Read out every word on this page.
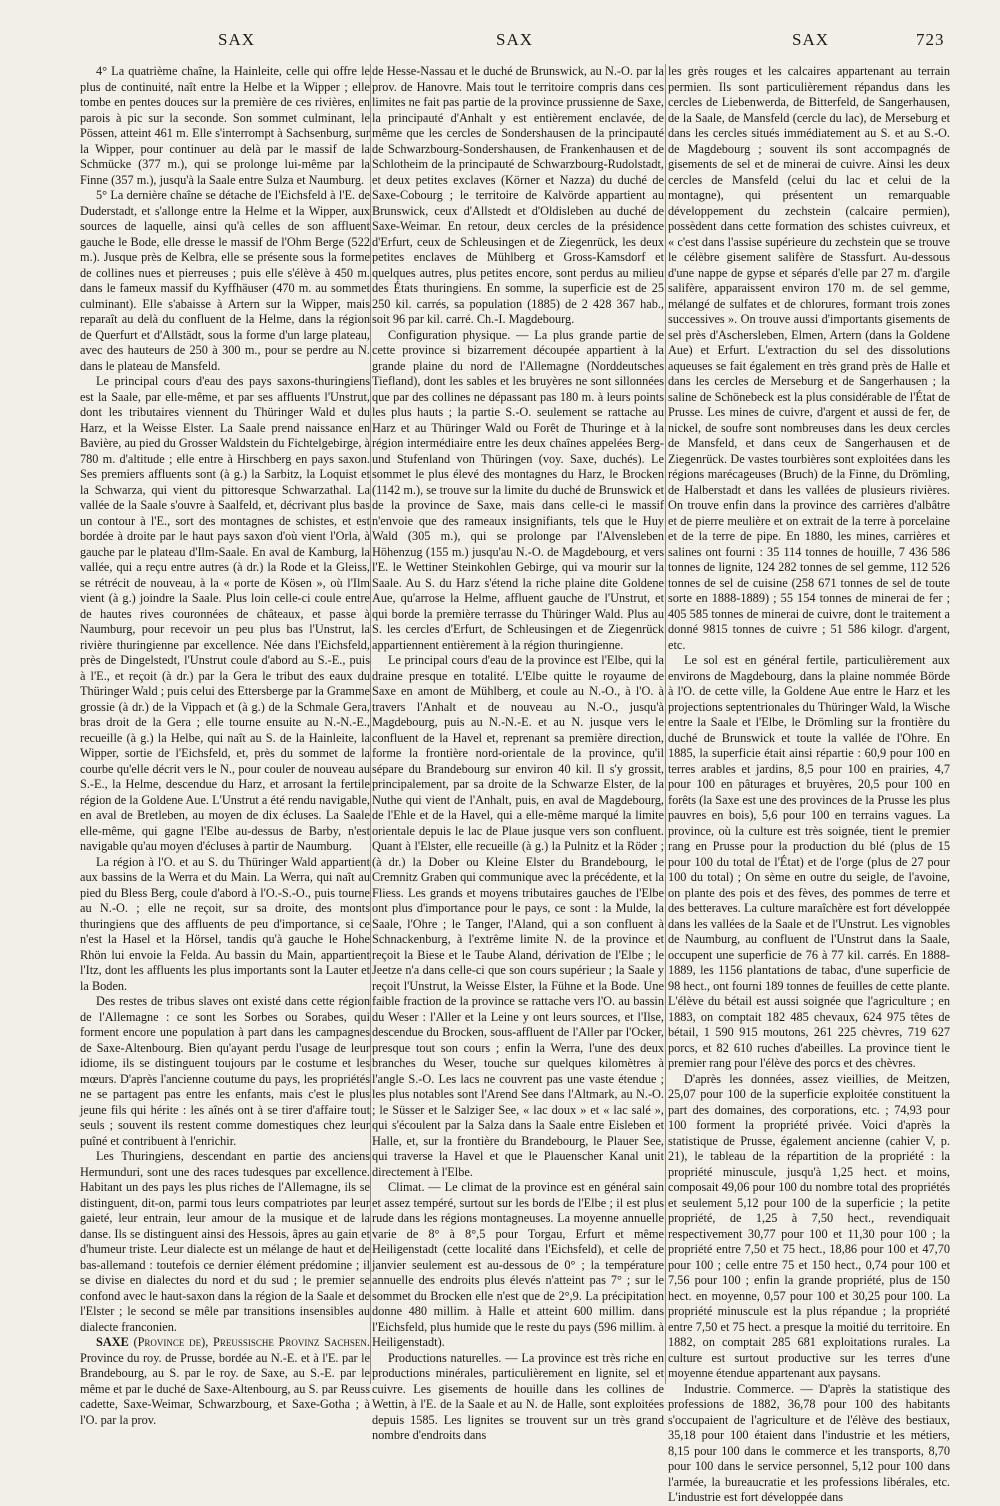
SAX	SAX	SAX	723

4° La quatrième chaîne, la Hainleite, celle qui offre le plus de continuité, naît entre la Helbe et la Wipper ; elle tombe en pentes douces sur la première de ces rivières, en parois à pic sur la seconde. Son sommet culminant, le Pössen, atteint 461 m. Elle s'interrompt à Sachsenburg, sur la Wipper, pour continuer au delà par le massif de la Schmücke (377 m.), qui se prolonge lui-même par la Finne (357 m.), jusqu'à la Saale entre Sulza et Naumburg.

5° La dernière chaîne se détache de l'Eichsfeld à l'E. de Duderstadt, et s'allonge entre la Helme et la Wipper, aux sources de laquelle, ainsi qu'à celles de son affluent gauche le Bode, elle dresse le massif de l'Ohm Berge (522 m.). Jusque près de Kelbra, elle se présente sous la forme de collines nues et pierreuses ; puis elle s'élève à 450 m. dans le fameux massif du Kyffhäuser (470 m. au sommet culminant). Elle s'abaisse à Artern sur la Wipper, mais reparaît au delà du confluent de la Helme, dans la région de Querfurt et d'Allstädt, sous la forme d'un large plateau, avec des hauteurs de 250 à 300 m., pour se perdre au N. dans le plateau de Mansfeld.

Le principal cours d'eau des pays saxons-thuringiens est la Saale, par elle-même, et par ses affluents l'Unstrut, dont les tributaires viennent du Thüringer Wald et du Harz, et la Weisse Elster. La Saale prend naissance en Bavière, au pied du Grosser Waldstein du Fichtelgebirge, à 780 m. d'altitude ; elle entre à Hirschberg en pays saxon. Ses premiers affluents sont (à g.) la Sarbitz, la Loquist et la Schwarza, qui vient du pittoresque Schwarzathal. La vallée de la Saale s'ouvre à Saalfeld, et, décrivant plus bas un contour à l'E., sort des montagnes de schistes, et est bordée à droite par le haut pays saxon d'où vient l'Orla, à gauche par le plateau d'Ilm-Saale. En aval de Kamburg, la vallée, qui a reçu entre autres (à dr.) la Rode et la Gleiss, se rétrécit de nouveau, à la « porte de Kösen », où l'Ilm vient (à g.) joindre la Saale. Plus loin celle-ci coule entre de hautes rives couronnées de châteaux, et passe à Naumburg, pour recevoir un peu plus bas l'Unstrut, la rivière thuringienne par excellence. Née dans l'Eichsfeld, près de Dingelstedt, l'Unstrut coule d'abord au S.-E., puis à l'E., et reçoit (à dr.) par la Gera le tribut des eaux du Thüringer Wald ; puis celui des Ettersberge par la Gramme grossie (à dr.) de la Vippach et (à g.) de la Schmale Gera, bras droit de la Gera ; elle tourne ensuite au N.-N.-E., recueille (à g.) la Helbe, qui naît au S. de la Hainleite, la Wipper, sortie de l'Eichsfeld, et, près du sommet de la courbe qu'elle décrit vers le N., pour couler de nouveau au S.-E., la Helme, descendue du Harz, et arrosant la fertile région de la Goldene Aue. L'Unstrut a été rendu navigable, en aval de Bretleben, au moyen de dix écluses. La Saale elle-même, qui gagne l'Elbe au-dessus de Barby, n'est navigable qu'au moyen d'écluses à partir de Naumburg.

La région à l'O. et au S. du Thüringer Wald appartient aux bassins de la Werra et du Main. La Werra, qui naît au pied du Bless Berg, coule d'abord à l'O.-S.-O., puis tourne au N.-O. ; elle ne reçoit, sur sa droite, des monts thuringiens que des affluents de peu d'importance, si ce n'est la Hasel et la Hörsel, tandis qu'à gauche le Hohe Rhön lui envoie la Felda. Au bassin du Main, appartient l'Itz, dont les affluents les plus importants sont la Lauter et la Boden.

Des restes de tribus slaves ont existé dans cette région de l'Allemagne : ce sont les Sorbes ou Sorabes, qui forment encore une population à part dans les campagnes de Saxe-Altenbourg. Bien qu'ayant perdu l'usage de leur idiome, ils se distinguent toujours par le costume et les mœurs. D'après l'ancienne coutume du pays, les propriétés ne se partagent pas entre les enfants, mais c'est le plus jeune fils qui hérite : les aînés ont à se tirer d'affaire tout seuls ; souvent ils restent comme domestiques chez leur puîné et contribuent à l'enrichir.

Les Thuringiens, descendant en partie des anciens Hermunduri, sont une des races tudesques par excellence. Habitant un des pays les plus riches de l'Allemagne, ils se distinguent, dit-on, parmi tous leurs compatriotes par leur gaieté, leur entrain, leur amour de la musique et de la danse. Ils se distinguent ainsi des Hessois, âpres au gain et d'humeur triste. Leur dialecte est un mélange de haut et de bas-allemand : toutefois ce dernier élément prédomine ; il se divise en dialectes du nord et du sud ; le premier se confond avec le haut-saxon dans la région de la Saale et de l'Elster ; le second se mêle par transitions insensibles au dialecte franconien.

SAXE (Province de), Preussische Provinz Sachsen. Province du roy. de Prusse, bordée au N.-E. et à l'E. par le Brandebourg, au S. par le roy. de Saxe, au S.-E. par le même et par le duché de Saxe-Altenbourg, au S. par Reuss cadette, Saxe-Weimar, Schwarzbourg, et Saxe-Gotha ; à l'O. par la prov.

de Hesse-Nassau et le duché de Brunswick, au N.-O. par la prov. de Hanovre. Mais tout le territoire compris dans ces limites ne fait pas partie de la province prussienne de Saxe, la principauté d'Anhalt y est entièrement enclavée, de même que les cercles de Sondershausen de la principauté de Schwarzbourg-Sondershausen, de Frankenhausen et de Schlotheim de la principauté de Schwarzbourg-Rudolstadt, et deux petites exclaves (Körner et Nazza) du duché de Saxe-Cobourg ; le territoire de Kalvörde appartient au Brunswick, ceux d'Allstedt et d'Oldisleben au duché de Saxe-Weimar. En retour, deux cercles de la présidence d'Erfurt, ceux de Schleusingen et de Ziegenrück, les deux petites enclaves de Mühlberg et Gross-Kamsdorf et quelques autres, plus petites encore, sont perdus au milieu des États thuringiens. En somme, la superficie est de 25 250 kil. carrés, sa population (1885) de 2 428 367 hab., soit 96 par kil. carré. Ch.-I. Magdebourg.

Configuration physique. — La plus grande partie de cette province si bizarrement découpée appartient à la grande plaine du nord de l'Allemagne (Norddeutsches Tiefland), dont les sables et les bruyères ne sont sillonnées que par des collines ne dépassant pas 180 m. à leurs points les plus hauts ; la partie S.-O. seulement se rattache au Harz et au Thüringer Wald ou Forêt de Thuringe et à la région intermédiaire entre les deux chaînes appelées Berg- und Stufenland von Thüringen (voy. Saxe, duchés). Le sommet le plus élevé des montagnes du Harz, le Brocken (1142 m.), se trouve sur la limite du duché de Brunswick et de la province de Saxe, mais dans celle-ci le massif n'envoie que des rameaux insignifiants, tels que le Huy Wald (305 m.), qui se prolonge par l'Alvensleben Höhenzug (155 m.) jusqu'au N.-O. de Magdebourg, et vers l'E. le Wettiner Steinkohlen Gebirge, qui va mourir sur la Saale. Au S. du Harz s'étend la riche plaine dite Goldene Aue, qu'arrose la Helme, affluent gauche de l'Unstrut, et qui borde la première terrasse du Thüringer Wald. Plus au S. les cercles d'Erfurt, de Schleusingen et de Ziegenrück appartiennent entièrement à la région thuringienne.

Le principal cours d'eau de la province est l'Elbe, qui la draine presque en totalité. L'Elbe quitte le royaume de Saxe en amont de Mühlberg, et coule au N.-O., à l'O. à travers l'Anhalt et de nouveau au N.-O., jusqu'à Magdebourg, puis au N.-N.-E. et au N. jusque vers le confluent de la Havel et, reprenant sa première direction, forme la frontière nord-orientale de la province, qu'il sépare du Brandebourg sur environ 40 kil. Il s'y grossit, principalement, par sa droite de la Schwarze Elster, de la Nuthe qui vient de l'Anhalt, puis, en aval de Magdebourg, de l'Ehle et de la Havel, qui a elle-même marqué la limite orientale depuis le lac de Plaue jusque vers son confluent. Quant à l'Elster, elle recueille (à g.) la Pulnitz et la Röder ; (à dr.) la Dober ou Kleine Elster du Brandebourg, le Cremnitz Graben qui communique avec la précédente, et la Fliess. Les grands et moyens tributaires gauches de l'Elbe ont plus d'importance pour le pays, ce sont : la Mulde, la Saale, l'Ohre ; le Tanger, l'Aland, qui a son confluent à Schnackenburg, à l'extrême limite N. de la province et reçoit la Biese et le Taube Aland, dérivation de l'Elbe ; le Jeetze n'a dans celle-ci que son cours supérieur ; la Saale y reçoit l'Unstrut, la Weisse Elster, la Fühne et la Bode. Une faible fraction de la province se rattache vers l'O. au bassin du Weser : l'Aller et la Leine y ont leurs sources, et l'Ilse, descendue du Brocken, sous-affluent de l'Aller par l'Ocker, presque tout son cours ; enfin la Werra, l'une des deux branches du Weser, touche sur quelques kilomètres à l'angle S.-O. Les lacs ne couvrent pas une vaste étendue ; les plus notables sont l'Arend See dans l'Altmark, au N.-O. ; le Süsser et le Salziger See, « lac doux » et « lac salé », qui s'écoulent par la Salza dans la Saale entre Eisleben et Halle, et, sur la frontière du Brandebourg, le Plauer See, qui traverse la Havel et que le Plauenscher Kanal unit directement à l'Elbe.

Climat. — Le climat de la province est en général sain et assez tempéré, surtout sur les bords de l'Elbe ; il est plus rude dans les régions montagneuses. La moyenne annuelle varie de 8° à 8°,5 pour Torgau, Erfurt et même Heiligenstadt (cette localité dans l'Eichsfeld), et celle de janvier seulement est au-dessous de 0° ; la température annuelle des endroits plus élevés n'atteint pas 7° ; sur le sommet du Brocken elle n'est que de 2°,9. La précipitation donne 480 millim. à Halle et atteint 600 millim. dans l'Eichsfeld, plus humide que le reste du pays (596 millim. à Heiligenstadt).

Productions naturelles. — La province est très riche en productions minérales, particulièrement en lignite, sel et cuivre. Les gisements de houille dans les collines de Wettin, à l'E. de la Saale et au N. de Halle, sont exploitées depuis 1585. Les lignites se trouvent sur un très grand nombre d'endroits dans

les grès rouges et les calcaires appartenant au terrain permien. Ils sont particulièrement répandus dans les cercles de Liebenwerda, de Bitterfeld, de Sangerhausen, de la Saale, de Mansfeld (cercle du lac), de Merseburg et dans les cercles situés immédiatement au S. et au S.-O. de Magdebourg ; souvent ils sont accompagnés de gisements de sel et de minerai de cuivre. Ainsi les deux cercles de Mansfeld (celui du lac et celui de la montagne), qui présentent un remarquable développement du zechstein (calcaire permien), possèdent dans cette formation des schistes cuivreux, et « c'est dans l'assise supérieure du zechstein que se trouve le célèbre gisement salifère de Stassfurt. Au-dessous d'une nappe de gypse et séparés d'elle par 27 m. d'argile salifère, apparaissent environ 170 m. de sel gemme, mélangé de sulfates et de chlorures, formant trois zones successives ». On trouve aussi d'importants gisements de sel près d'Aschersleben, Elmen, Artern (dans la Goldene Aue) et Erfurt. L'extraction du sel des dissolutions aqueuses se fait également en très grand près de Halle et dans les cercles de Merseburg et de Sangerhausen ; la saline de Schönebeck est la plus considérable de l'État de Prusse. Les mines de cuivre, d'argent et aussi de fer, de nickel, de soufre sont nombreuses dans les deux cercles de Mansfeld, et dans ceux de Sangerhausen et de Ziegenrück. De vastes tourbières sont exploitées dans les régions marécageuses (Bruch) de la Finne, du Drömling, de Halberstadt et dans les vallées de plusieurs rivières. On trouve enfin dans la province des carrières d'albâtre et de pierre meulière et on extrait de la terre à porcelaine et de la terre de pipe. En 1880, les mines, carrières et salines ont fourni : 35 114 tonnes de houille, 7 436 586 tonnes de lignite, 124 282 tonnes de sel gemme, 112 526 tonnes de sel de cuisine (258 671 tonnes de sel de toute sorte en 1888-1889) ; 55 154 tonnes de minerai de fer ; 405 585 tonnes de minerai de cuivre, dont le traitement a donné 9815 tonnes de cuivre ; 51 586 kilogr. d'argent, etc.

Le sol est en général fertile, particulièrement aux environs de Magdebourg, dans la plaine nommée Börde à l'O. de cette ville, la Goldene Aue entre le Harz et les projections septentrionales du Thüringer Wald, la Wische entre la Saale et l'Elbe, le Drömling sur la frontière du duché de Brunswick et toute la vallée de l'Ohre. En 1885, la superficie était ainsi répartie : 60,9 pour 100 en terres arables et jardins, 8,5 pour 100 en prairies, 4,7 pour 100 en pâturages et bruyères, 20,5 pour 100 en forêts (la Saxe est une des provinces de la Prusse les plus pauvres en bois), 5,6 pour 100 en terrains vagues. La province, où la culture est très soignée, tient le premier rang en Prusse pour la production du blé (plus de 15 pour 100 du total de l'État) et de l'orge (plus de 27 pour 100 du total) ; On sème en outre du seigle, de l'avoine, on plante des pois et des fèves, des pommes de terre et des betteraves. La culture maraîchère est fort développée dans les vallées de la Saale et de l'Unstrut. Les vignobles de Naumburg, au confluent de l'Unstrut dans la Saale, occupent une superficie de 76 à 77 kil. carrés. En 1888-1889, les 1156 plantations de tabac, d'une superficie de 98 hect., ont fourni 189 tonnes de feuilles de cette plante. L'élève du bétail est aussi soignée que l'agriculture ; en 1883, on comptait 182 485 chevaux, 624 975 têtes de bétail, 1 590 915 moutons, 261 225 chèvres, 719 627 porcs, et 82 610 ruches d'abeilles. La province tient le premier rang pour l'élève des porcs et des chèvres.

D'après les données, assez vieillies, de Meitzen, 25,07 pour 100 de la superficie exploitée constituent la part des domaines, des corporations, etc. ; 74,93 pour 100 forment la propriété privée. Voici d'après la statistique de Prusse, également ancienne (cahier V, p. 21), le tableau de la répartition de la propriété : la propriété minuscule, jusqu'à 1,25 hect. et moins, composait 49,06 pour 100 du nombre total des propriétés et seulement 5,12 pour 100 de la superficie ; la petite propriété, de 1,25 à 7,50 hect., revendiquait respectivement 30,77 pour 100 et 11,30 pour 100 ; la propriété entre 7,50 et 75 hect., 18,86 pour 100 et 47,70 pour 100 ; celle entre 75 et 150 hect., 0,74 pour 100 et 7,56 pour 100 ; enfin la grande propriété, plus de 150 hect. en moyenne, 0,57 pour 100 et 30,25 pour 100. La propriété minuscule est la plus répandue ; la propriété entre 7,50 et 75 hect. a presque la moitié du territoire. En 1882, on comptait 285 681 exploitations rurales. La culture est surtout productive sur les terres d'une moyenne étendue appartenant aux paysans.

Industrie. Commerce. — D'après la statistique des professions de 1882, 36,78 pour 100 des habitants s'occupaient de l'agriculture et de l'élève des bestiaux, 35,18 pour 100 étaient dans l'industrie et les métiers, 8,15 pour 100 dans le commerce et les transports, 8,70 pour 100 dans le service personnel, 5,12 pour 100 dans l'armée, la bureaucratie et les professions libérales, etc. L'industrie est fort développée dans
